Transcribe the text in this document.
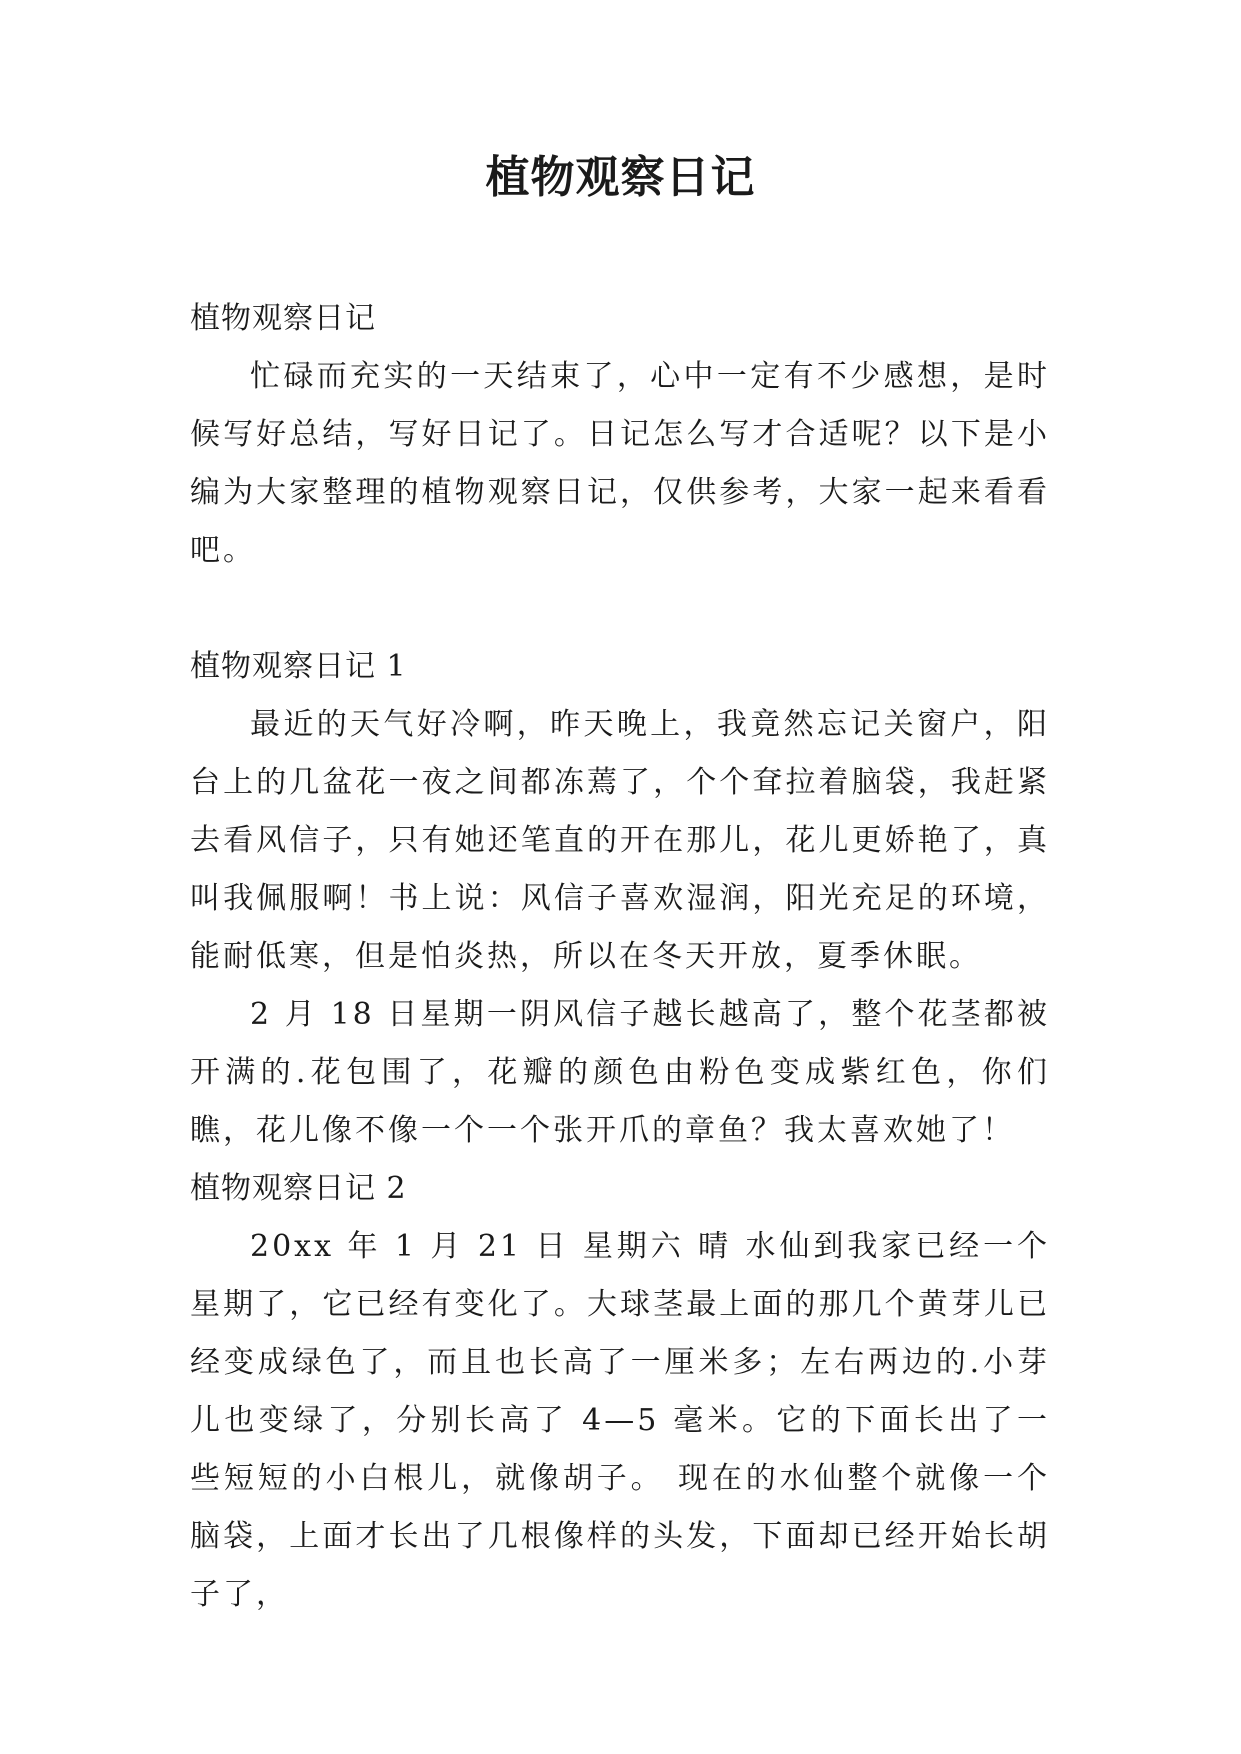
植物观察日记

植物观察日记

忙碌而充实的一天结束了，心中一定有不少感想，是时候写好总结，写好日记了。日记怎么写才合适呢？以下是小编为大家整理的植物观察日记，仅供参考，大家一起来看看吧。

植物观察日记 1

最近的天气好冷啊，昨天晚上，我竟然忘记关窗户，阳台上的几盆花一夜之间都冻蔫了，个个耷拉着脑袋，我赶紧去看风信子，只有她还笔直的开在那儿，花儿更娇艳了，真叫我佩服啊！书上说：风信子喜欢湿润，阳光充足的环境，能耐低寒，但是怕炎热，所以在冬天开放，夏季休眠。

2 月 18 日星期一阴风信子越长越高了，整个花茎都被开满的.花包围了，花瓣的颜色由粉色变成紫红色，你们瞧，花儿像不像一个一个张开爪的章鱼？我太喜欢她了！

植物观察日记 2

20xx 年 1 月 21 日 星期六 晴 水仙到我家已经一个星期了，它已经有变化了。大球茎最上面的那几个黄芽儿已经变成绿色了，而且也长高了一厘米多；左右两边的.小芽儿也变绿了，分别长高了 4—5 毫米。它的下面长出了一些短短的小白根儿，就像胡子。 现在的水仙整个就像一个脑袋，上面才长出了几根像样的头发，下面却已经开始长胡子了，
